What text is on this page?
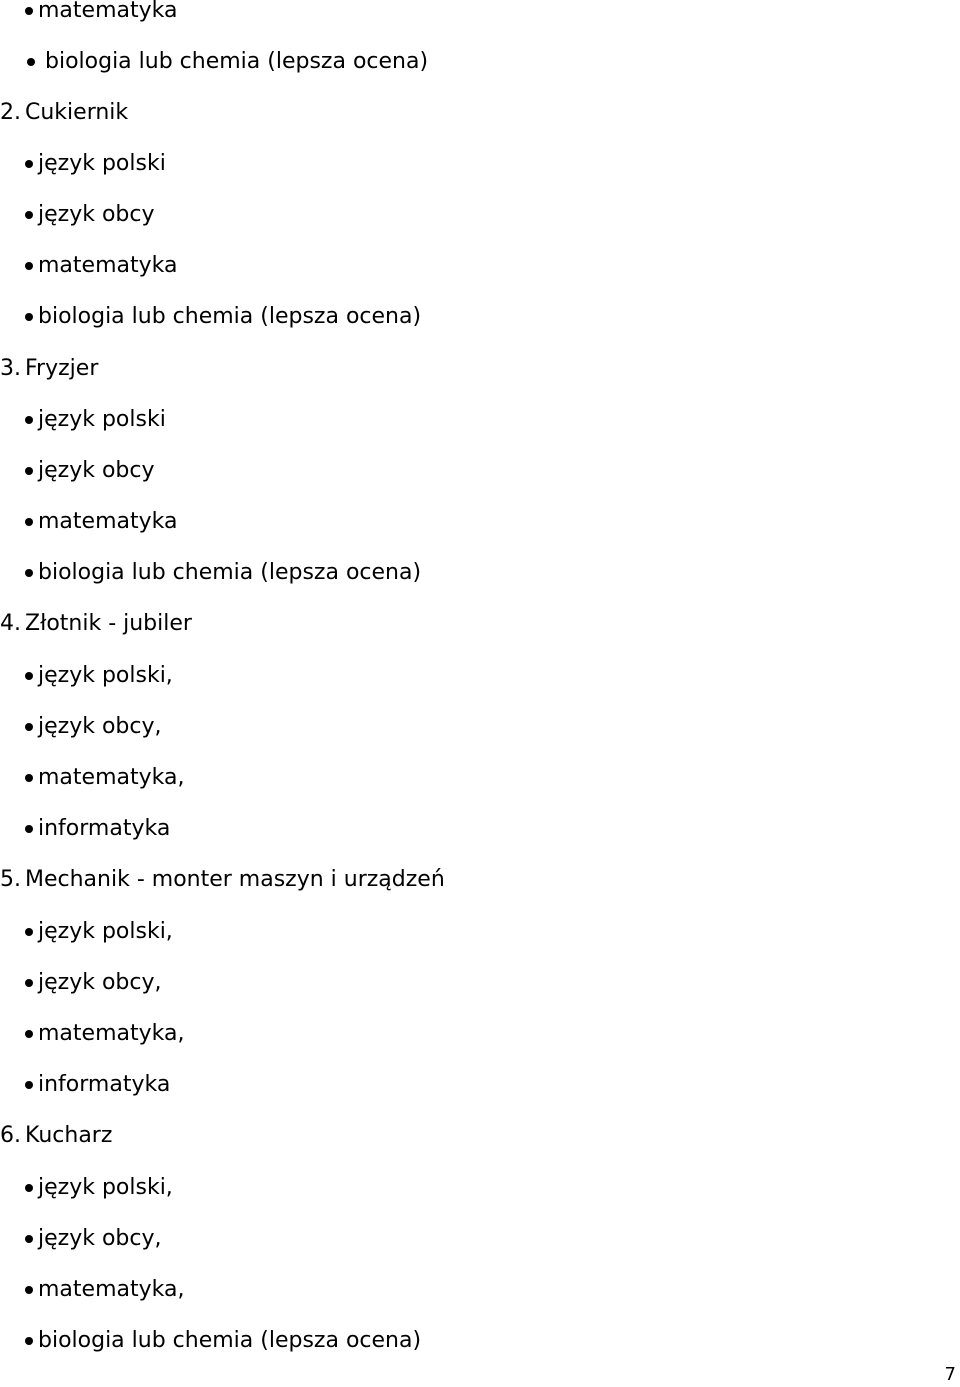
matematyka
biologia lub chemia (lepsza ocena)
2. Cukiernik
język polski
język obcy
matematyka
biologia lub chemia (lepsza ocena)
3. Fryzjer
język polski
język obcy
matematyka
biologia lub chemia (lepsza ocena)
4. Złotnik - jubiler
język polski,
język obcy,
matematyka,
informatyka
5. Mechanik - monter maszyn i urządzeń
język polski,
język obcy,
matematyka,
informatyka
6. Kucharz
język polski,
język obcy,
matematyka,
biologia lub chemia (lepsza ocena)
7
